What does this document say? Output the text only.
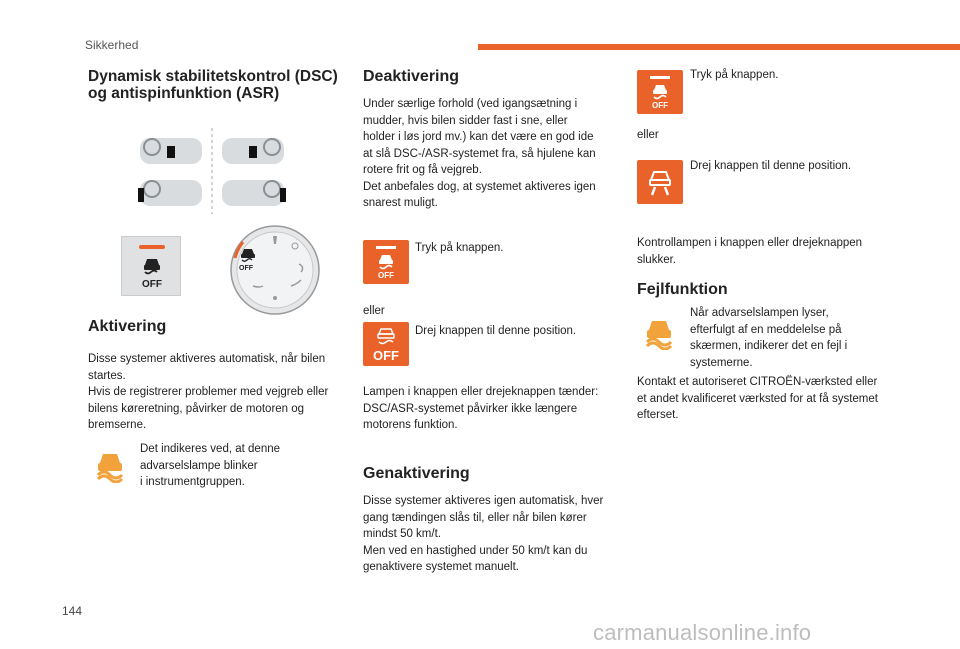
Sikkerhed
Dynamisk stabilitetskontrol (DSC) og antispinfunktion (ASR)
OFF
OFF
Aktivering
Disse systemer aktiveres automatisk, når bilen
startes.
Hvis de registrerer problemer med vejgreb eller
bilens køreretning, påvirker de motoren og
bremserne.
Det indikeres ved, at denne
advarselslampe blinker
i instrumentgruppen.
Deaktivering
Under særlige forhold (ved igangsætning i
mudder, hvis bilen sidder fast i sne, eller
holder i løs jord mv.) kan det være en god ide
at slå DSC-/ASR-systemet fra, så hjulene kan
rotere frit og få vejgreb.
Det anbefales dog, at systemet aktiveres igen
snarest muligt.
OFF
Tryk på knappen.
eller
OFF
Drej knappen til denne position.
Lampen i knappen eller drejeknappen tænder:
DSC/ASR-systemet påvirker ikke længere
motorens funktion.
Genaktivering
Disse systemer aktiveres igen automatisk, hver
gang tændingen slås til, eller når bilen kører
mindst 50 km/t.
Men ved en hastighed under 50 km/t kan du
genaktivere systemet manuelt.
OFF
Tryk på knappen.
eller
Drej knappen til denne position.
Kontrollampen i knappen eller drejeknappen
slukker.
Fejlfunktion
Når advarselslampen lyser,
efterfulgt af en meddelelse på
skærmen, indikerer det en fejl i
systemerne.
Kontakt et autoriseret CITROËN-værksted eller
et andet kvalificeret værksted for at få systemet
efterset.
144
carmanualsonline.info
